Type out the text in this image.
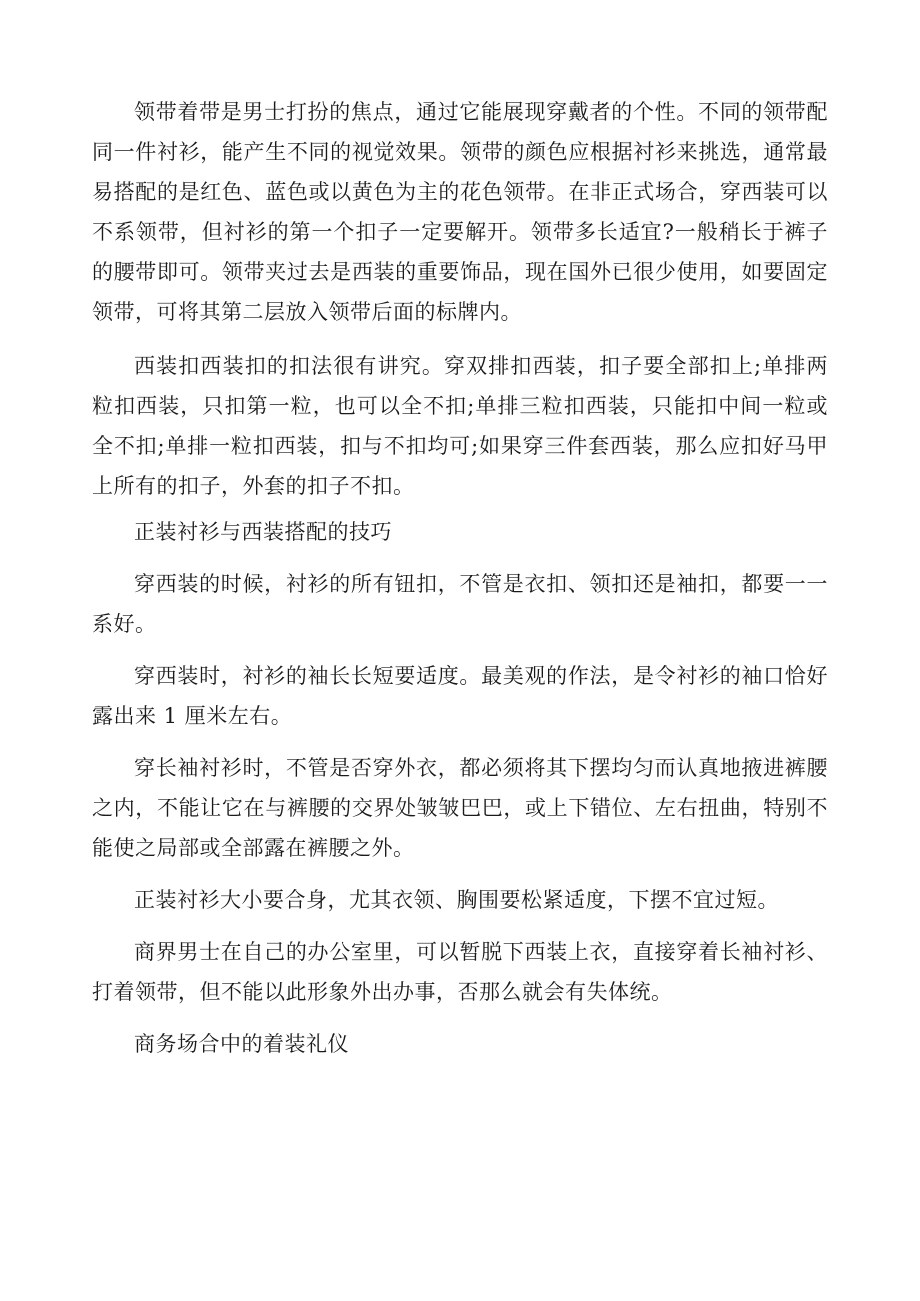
领带着带是男士打扮的焦点，通过它能展现穿戴者的个性。不同的领带配同一件衬衫，能产生不同的视觉效果。领带的颜色应根据衬衫来挑选，通常最易搭配的是红色、蓝色或以黄色为主的花色领带。在非正式场合，穿西装可以不系领带，但衬衫的第一个扣子一定要解开。领带多长适宜?一般稍长于裤子的腰带即可。领带夹过去是西装的重要饰品，现在国外已很少使用，如要固定领带，可将其第二层放入领带后面的标牌内。

西装扣西装扣的扣法很有讲究。穿双排扣西装，扣子要全部扣上;单排两粒扣西装，只扣第一粒，也可以全不扣;单排三粒扣西装，只能扣中间一粒或全不扣;单排一粒扣西装，扣与不扣均可;如果穿三件套西装，那么应扣好马甲上所有的扣子，外套的扣子不扣。

正装衬衫与西装搭配的技巧

穿西装的时候，衬衫的所有钮扣，不管是衣扣、领扣还是袖扣，都要一一系好。

穿西装时，衬衫的袖长长短要适度。最美观的作法，是令衬衫的袖口恰好露出来 1 厘米左右。

穿长袖衬衫时，不管是否穿外衣，都必须将其下摆均匀而认真地掖进裤腰之内，不能让它在与裤腰的交界处皱皱巴巴，或上下错位、左右扭曲，特别不能使之局部或全部露在裤腰之外。

正装衬衫大小要合身，尤其衣领、胸围要松紧适度，下摆不宜过短。

商界男士在自己的办公室里，可以暂脱下西装上衣，直接穿着长袖衬衫、打着领带，但不能以此形象外出办事，否那么就会有失体统。

商务场合中的着装礼仪
